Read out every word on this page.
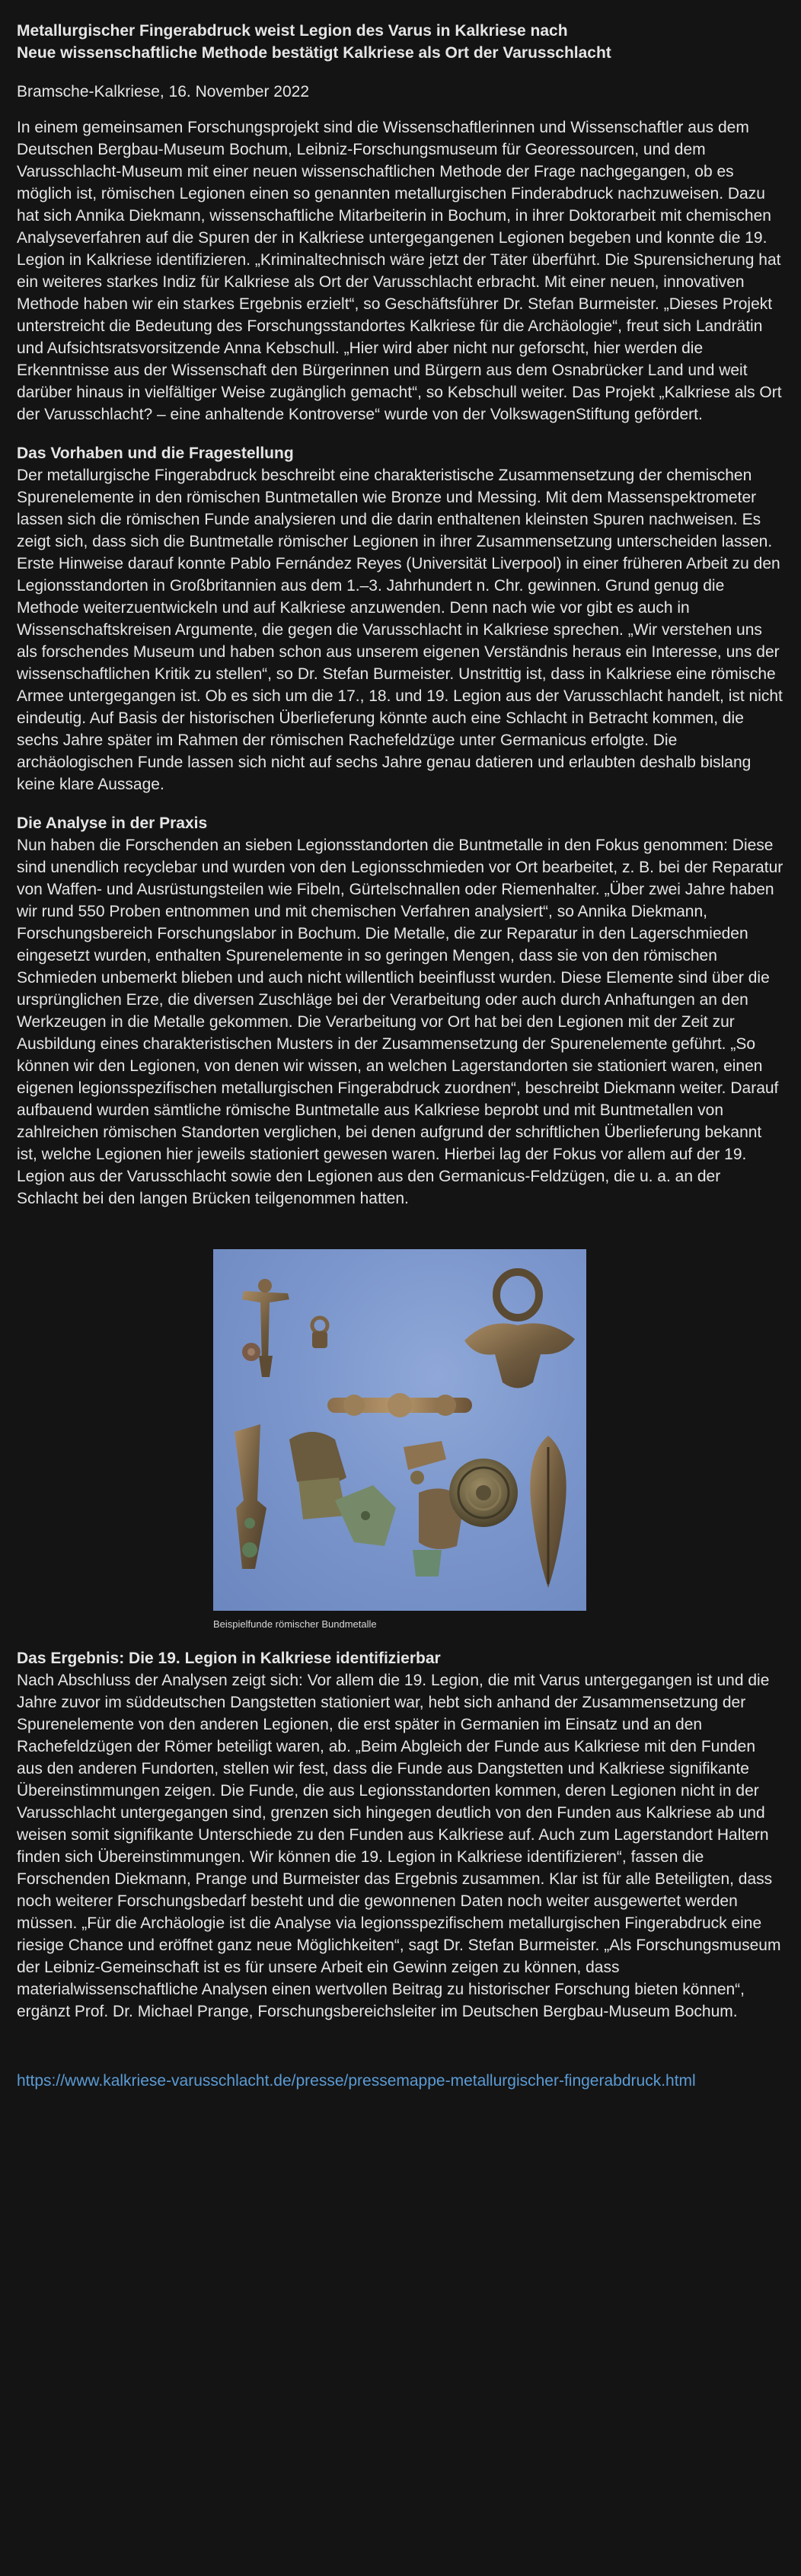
Metallurgischer Fingerabdruck weist Legion des Varus in Kalkriese nach

Neue wissenschaftliche Methode bestätigt Kalkriese als Ort der Varusschlacht

Bramsche-Kalkriese, 16. November 2022

In einem gemeinsamen Forschungsprojekt sind die Wissenschaftlerinnen und Wissenschaftler aus dem Deutschen Bergbau-Museum Bochum, Leibniz-Forschungsmuseum für Georessourcen, und dem Varusschlacht-Museum mit einer neuen wissenschaftlichen Methode der Frage nachgegangen, ob es möglich ist, römischen Legionen einen so genannten metallurgischen Finderabdruck nachzuweisen. Dazu hat sich Annika Diekmann, wissenschaftliche Mitarbeiterin in Bochum, in ihrer Doktorarbeit mit chemischen Analyseverfahren auf die Spuren der in Kalkriese untergegangenen Legionen begeben und konnte die 19. Legion in Kalkriese identifizieren. „Kriminaltechnisch wäre jetzt der Täter überführt. Die Spurensicherung hat ein weiteres starkes Indiz für Kalkriese als Ort der Varusschlacht erbracht. Mit einer neuen, innovativen Methode haben wir ein starkes Ergebnis erzielt“, so Geschäftsführer Dr. Stefan Burmeister. „Dieses Projekt unterstreicht die Bedeutung des Forschungsstandortes Kalkriese für die Archäologie“, freut sich Landrätin und Aufsichtsratsvorsitzende Anna Kebschull. „Hier wird aber nicht nur geforscht, hier werden die Erkenntnisse aus der Wissenschaft den Bürgerinnen und Bürgern aus dem Osnabrücker Land und weit darüber hinaus in vielfältiger Weise zugänglich gemacht“, so Kebschull weiter. Das Projekt „Kalkriese als Ort der Varusschlacht? – eine anhaltende Kontroverse“ wurde von der VolkswagenStiftung gefördert.

Das Vorhaben und die Fragestellung

Der metallurgische Fingerabdruck beschreibt eine charakteristische Zusammensetzung der chemischen Spurenelemente in den römischen Buntmetallen wie Bronze und Messing. Mit dem Massenspektrometer lassen sich die römischen Funde analysieren und die darin enthaltenen kleinsten Spuren nachweisen. Es zeigt sich, dass sich die Buntmetalle römischer Legionen in ihrer Zusammensetzung unterscheiden lassen. Erste Hinweise darauf konnte Pablo Fernández Reyes (Universität Liverpool) in einer früheren Arbeit zu den Legionsstandorten in Großbritannien aus dem 1.–3. Jahrhundert n. Chr. gewinnen. Grund genug die Methode weiterzuentwickeln und auf Kalkriese anzuwenden. Denn nach wie vor gibt es auch in Wissenschaftskreisen Argumente, die gegen die Varusschlacht in Kalkriese sprechen. „Wir verstehen uns als forschendes Museum und haben schon aus unserem eigenen Verständnis heraus ein Interesse, uns der wissenschaftlichen Kritik zu stellen“, so Dr. Stefan Burmeister. Unstrittig ist, dass in Kalkriese eine römische Armee untergegangen ist. Ob es sich um die 17., 18. und 19. Legion aus der Varusschlacht handelt, ist nicht eindeutig. Auf Basis der historischen Überlieferung könnte auch eine Schlacht in Betracht kommen, die sechs Jahre später im Rahmen der römischen Rachefeldzüge unter Germanicus erfolgte. Die archäologischen Funde lassen sich nicht auf sechs Jahre genau datieren und erlaubten deshalb bislang keine klare Aussage.

Die Analyse in der Praxis

Nun haben die Forschenden an sieben Legionsstandorten die Buntmetalle in den Fokus genommen: Diese sind unendlich recyclebar und wurden von den Legionsschmieden vor Ort bearbeitet, z. B. bei der Reparatur von Waffen- und Ausrüstungsteilen wie Fibeln, Gürtelschnallen oder Riemenhalter. „Über zwei Jahre haben wir rund 550 Proben entnommen und mit chemischen Verfahren analysiert“, so Annika Diekmann, Forschungsbereich Forschungslabor in Bochum. Die Metalle, die zur Reparatur in den Lagerschmieden eingesetzt wurden, enthalten Spurenelemente in so geringen Mengen, dass sie von den römischen Schmieden unbemerkt blieben und auch nicht willentlich beeinflusst wurden. Diese Elemente sind über die ursprünglichen Erze, die diversen Zuschläge bei der Verarbeitung oder auch durch Anhaftungen an den Werkzeugen in die Metalle gekommen. Die Verarbeitung vor Ort hat bei den Legionen mit der Zeit zur Ausbildung eines charakteristischen Musters in der Zusammensetzung der Spurenelemente geführt. „So können wir den Legionen, von denen wir wissen, an welchen Lagerstandorten sie stationiert waren, einen eigenen legionsspezifischen metallurgischen Fingerabdruck zuordnen“, beschreibt Diekmann weiter. Darauf aufbauend wurden sämtliche römische Buntmetalle aus Kalkriese beprobt und mit Buntmetallen von zahlreichen römischen Standorten verglichen, bei denen aufgrund der schriftlichen Überlieferung bekannt ist, welche Legionen hier jeweils stationiert gewesen waren. Hierbei lag der Fokus vor allem auf der 19. Legion aus der Varusschlacht sowie den Legionen aus den Germanicus-Feldzügen, die u. a. an der Schlacht bei den langen Brücken teilgenommen hatten.

Beispielfunde römischer Bundmetalle

Das Ergebnis: Die 19. Legion in Kalkriese identifizierbar

Nach Abschluss der Analysen zeigt sich: Vor allem die 19. Legion, die mit Varus untergegangen ist und die Jahre zuvor im süddeutschen Dangstetten stationiert war, hebt sich anhand der Zusammensetzung der Spurenelemente von den anderen Legionen, die erst später in Germanien im Einsatz und an den Rachefeldzügen der Römer beteiligt waren, ab. „Beim Abgleich der Funde aus Kalkriese mit den Funden aus den anderen Fundorten, stellen wir fest, dass die Funde aus Dangstetten und Kalkriese signifikante Übereinstimmungen zeigen. Die Funde, die aus Legionsstandorten kommen, deren Legionen nicht in der Varusschlacht untergegangen sind, grenzen sich hingegen deutlich von den Funden aus Kalkriese ab und weisen somit signifikante Unterschiede zu den Funden aus Kalkriese auf. Auch zum Lagerstandort Haltern finden sich Übereinstimmungen. Wir können die 19. Legion in Kalkriese identifizieren“, fassen die Forschenden Diekmann, Prange und Burmeister das Ergebnis zusammen. Klar ist für alle Beteiligten, dass noch weiterer Forschungsbedarf besteht und die gewonnenen Daten noch weiter ausgewertet werden müssen. „Für die Archäologie ist die Analyse via legionsspezifischem metallurgischen Fingerabdruck eine riesige Chance und eröffnet ganz neue Möglichkeiten“, sagt Dr. Stefan Burmeister. „Als Forschungsmuseum der Leibniz-Gemeinschaft ist es für unsere Arbeit ein Gewinn zeigen zu können, dass materialwissenschaftliche Analysen einen wertvollen Beitrag zu historischer Forschung bieten können“, ergänzt Prof. Dr. Michael Prange, Forschungsbereichsleiter im Deutschen Bergbau-Museum Bochum.

https://www.kalkriese-varusschlacht.de/presse/pressemappe-metallurgischer-fingerabdruck.html
